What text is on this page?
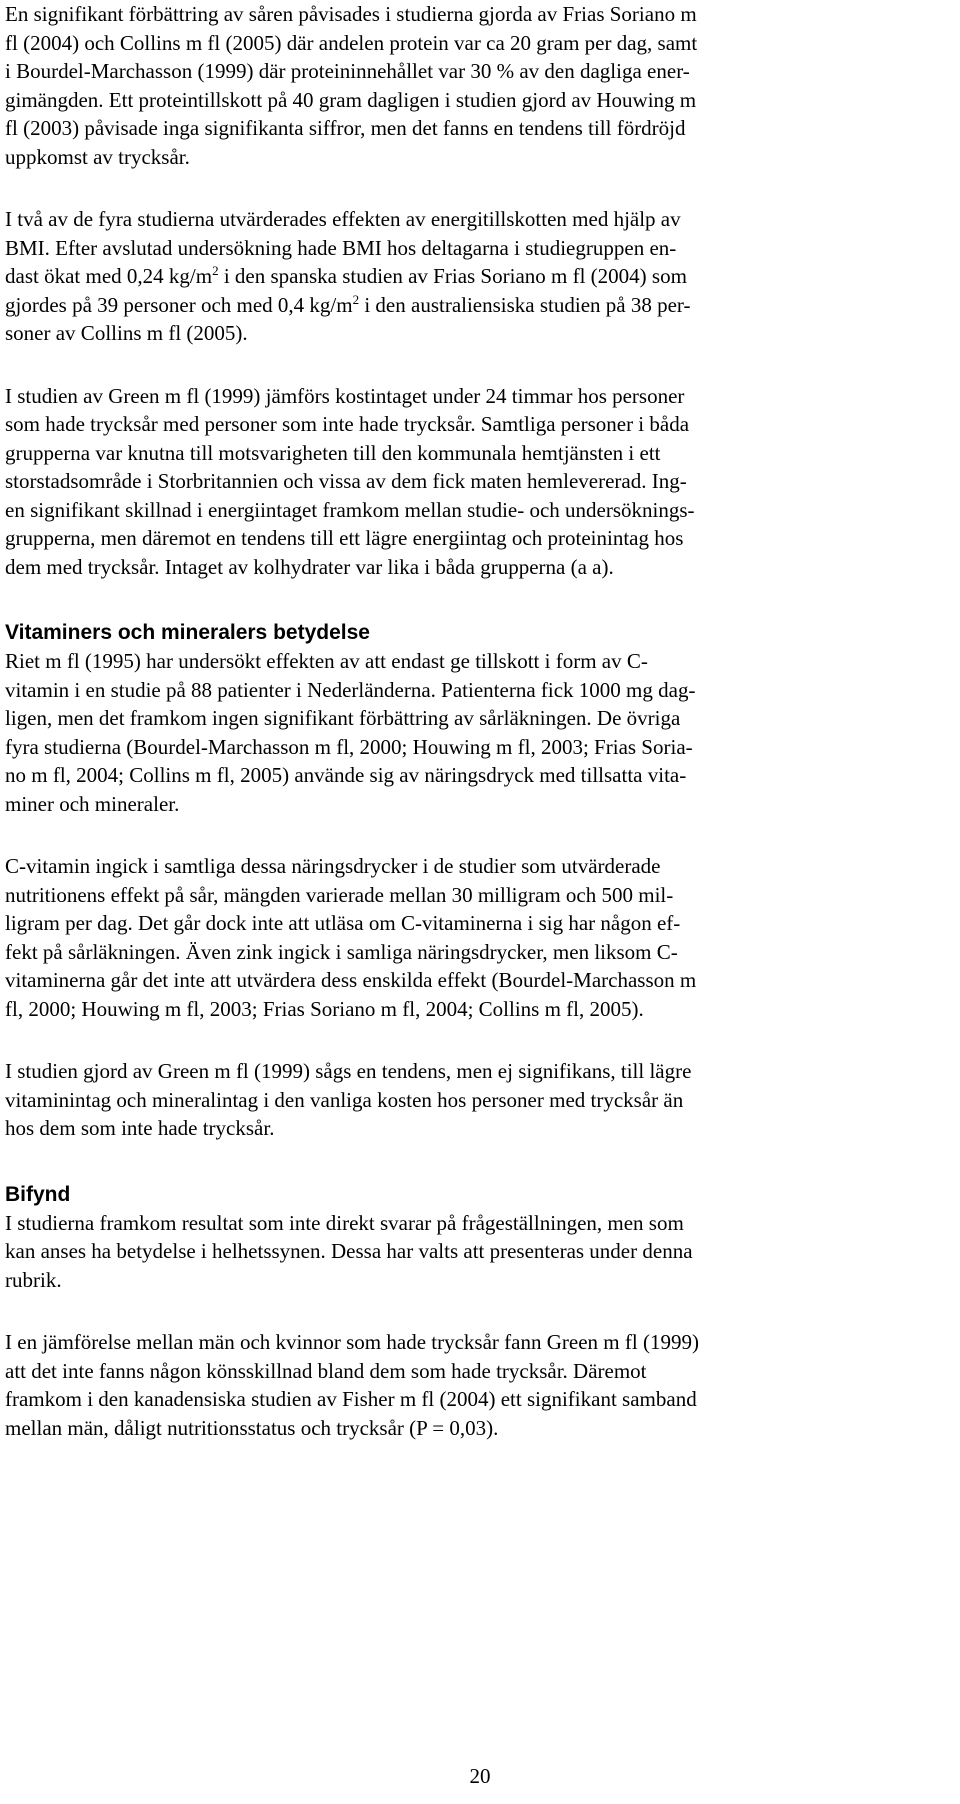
En signifikant förbättring av såren påvisades i studierna gjorda av Frias Soriano m
fl (2004) och Collins m fl (2005) där andelen protein var ca 20 gram per dag, samt
i Bourdel-Marchasson (1999) där proteininnehållet var 30 % av den dagliga ener-
gimängden. Ett proteintillskott på 40 gram dagligen i studien gjord av Houwing m
fl (2003) påvisade inga signifikanta siffror, men det fanns en tendens till fördröjd
uppkomst av trycksår.

I två av de fyra studierna utvärderades effekten av energitillskotten med hjälp av
BMI. Efter avslutad undersökning hade BMI hos deltagarna i studiegruppen en-
dast ökat med 0,24 $kg/m^2$ i den spanska studien av Frias Soriano m fl (2004) som
gjordes på 39 personer och med 0,4 $kg/m^2$ i den australiensiska studien på 38 per-
soner av Collins m fl (2005).

I studien av Green m fl (1999) jämförs kostintaget under 24 timmar hos personer
som hade trycksår med personer som inte hade trycksår. Samtliga personer i båda
grupperna var knutna till motsvarigheten till den kommunala hemtjänsten i ett
storstadsområde i Storbritannien och vissa av dem fick maten hemlevererad. Ing-
en signifikant skillnad i energiintaget framkom mellan studie- och undersöknings-
grupperna, men däremot en tendens till ett lägre energiintag och proteinintag hos
dem med trycksår. Intaget av kolhydrater var lika i båda grupperna (a a).

Vitaminers och mineralers betydelse

Riet m fl (1995) har undersökt effekten av att endast ge tillskott i form av C-
vitamin i en studie på 88 patienter i Nederländerna. Patienterna fick 1000 mg dag-
ligen, men det framkom ingen signifikant förbättring av sårläkningen. De övriga
fyra studierna (Bourdel-Marchasson m fl, 2000; Houwing m fl, 2003; Frias Soria-
no m fl, 2004; Collins m fl, 2005) använde sig av näringsdryck med tillsatta vita-
miner och mineraler.

C-vitamin ingick i samtliga dessa näringsdrycker i de studier som utvärderade
nutritionens effekt på sår, mängden varierade mellan 30 milligram och 500 mil-
ligram per dag. Det går dock inte att utläsa om C-vitaminerna i sig har någon ef-
fekt på sårläkningen. Även zink ingick i samliga näringsdrycker, men liksom C-
vitaminerna går det inte att utvärdera dess enskilda effekt (Bourdel-Marchasson m
fl, 2000; Houwing m fl, 2003; Frias Soriano m fl, 2004; Collins m fl, 2005).

I studien gjord av Green m fl (1999) sågs en tendens, men ej signifikans, till lägre
vitaminintag och mineralintag i den vanliga kosten hos personer med trycksår än
hos dem som inte hade trycksår.

Bifynd

I studierna framkom resultat som inte direkt svarar på frågeställningen, men som
kan anses ha betydelse i helhetssynen. Dessa har valts att presenteras under denna
rubrik.

I en jämförelse mellan män och kvinnor som hade trycksår fann Green m fl (1999)
att det inte fanns någon könsskillnad bland dem som hade trycksår. Däremot
framkom i den kanadensiska studien av Fisher m fl (2004) ett signifikant samband
mellan män, dåligt nutritionsstatus och trycksår (P = 0,03).

20
